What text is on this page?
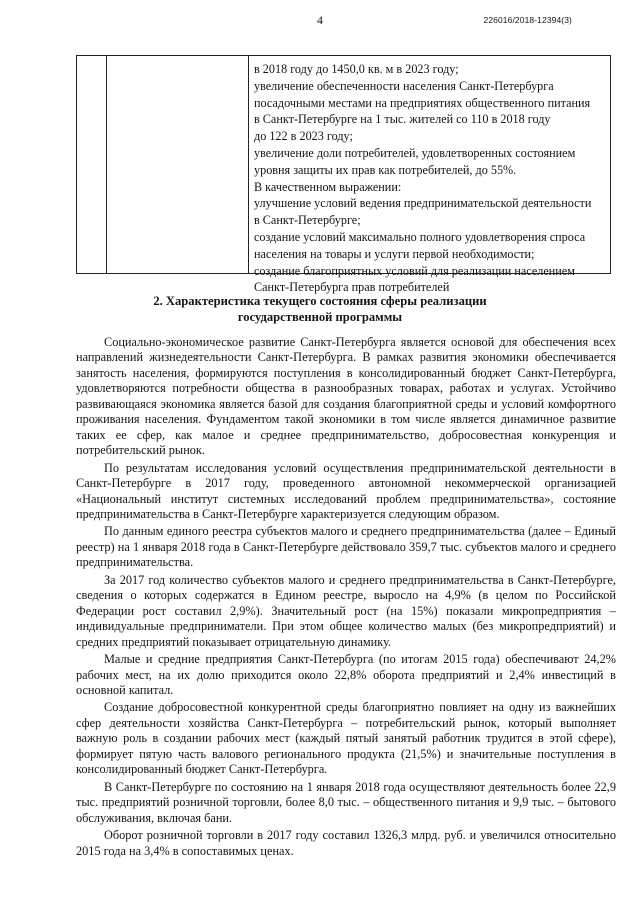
4	226016/2018-12394(3)
в 2018 году до 1450,0 кв. м в 2023 году;
увеличение обеспеченности населения Санкт-Петербурга
посадочными местами на предприятиях общественного питания
в Санкт-Петербурге на 1 тыс. жителей со 110 в 2018 году
до 122 в 2023 году;
увеличение доли потребителей, удовлетворенных состоянием
уровня защиты их прав как потребителей, до 55%.
В качественном выражении:
улучшение условий ведения предпринимательской деятельности
в Санкт-Петербурге;
создание условий максимально полного удовлетворения спроса
населения на товары и услуги первой необходимости;
создание благоприятных условий для реализации населением
Санкт-Петербурга прав потребителей
2. Характеристика текущего состояния сферы реализации
государственной программы

Социально-экономическое развитие Санкт-Петербурга является основой для обеспечения всех направлений жизнедеятельности Санкт-Петербурга. В рамках развития экономики обеспечивается занятость населения, формируются поступления в консолидированный бюджет Санкт-Петербурга, удовлетворяются потребности общества в разнообразных товарах, работах и услугах. Устойчиво развивающаяся экономика является базой для создания благоприятной среды и условий комфортного проживания населения. Фундаментом такой экономики в том числе является динамичное развитие таких ее сфер, как малое и среднее предпринимательство, добросовестная конкуренция и потребительский рынок.

По результатам исследования условий осуществления предпринимательской деятельности в Санкт-Петербурге в 2017 году, проведенного автономной некоммерческой организацией «Национальный институт системных исследований проблем предпринимательства», состояние предпринимательства в Санкт-Петербурге характеризуется следующим образом.

По данным единого реестра субъектов малого и среднего предпринимательства (далее – Единый реестр) на 1 января 2018 года в Санкт-Петербурге действовало 359,7 тыс. субъектов малого и среднего предпринимательства.

За 2017 год количество субъектов малого и среднего предпринимательства в Санкт-Петербурге, сведения о которых содержатся в Едином реестре, выросло на 4,9% (в целом по Российской Федерации рост составил 2,9%). Значительный рост (на 15%) показали микропредприятия – индивидуальные предприниматели. При этом общее количество малых (без микропредприятий) и средних предприятий показывает отрицательную динамику.

Малые и средние предприятия Санкт-Петербурга (по итогам 2015 года) обеспечивают 24,2% рабочих мест, на их долю приходится около 22,8% оборота предприятий и 2,4% инвестиций в основной капитал.

Создание добросовестной конкурентной среды благоприятно повлияет на одну из важнейших сфер деятельности хозяйства Санкт-Петербурга – потребительский рынок, который выполняет важную роль в создании рабочих мест (каждый пятый занятый работник трудится в этой сфере), формирует пятую часть валового регионального продукта (21,5%) и значительные поступления в консолидированный бюджет Санкт-Петербурга.

В Санкт-Петербурге по состоянию на 1 января 2018 года осуществляют деятельность более 22,9 тыс. предприятий розничной торговли, более 8,0 тыс. – общественного питания и 9,9 тыс. – бытового обслуживания, включая бани.

Оборот розничной торговли в 2017 году составил 1326,3 млрд. руб. и увеличился относительно 2015 года на 3,4% в сопоставимых ценах.
